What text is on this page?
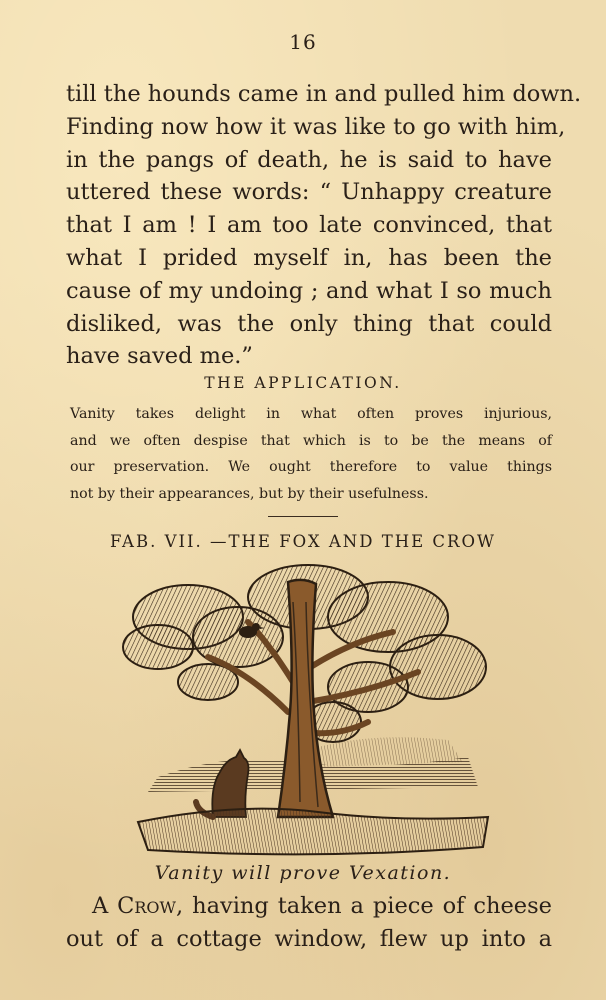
16
till the hounds came in and pulled him down.
Finding now how it was like to go with him,
in the pangs of death, he is said to have
uttered these words: “ Unhappy creature
that I am ! I am too late convinced, that
what I prided myself in, has been the
cause of my undoing ; and what I so much
disliked, was the only thing that could
have saved me.”
THE APPLICATION.
Vanity takes delight in what often proves injurious,
and we often despise that which is to be the means of
our preservation. We ought therefore to value things
not by their appearances, but by their usefulness.
FAB. VII. —THE FOX AND THE CROW
Vanity will prove Vexation.
A Crow, having taken a piece of cheese
out of a cottage window, flew up into a
